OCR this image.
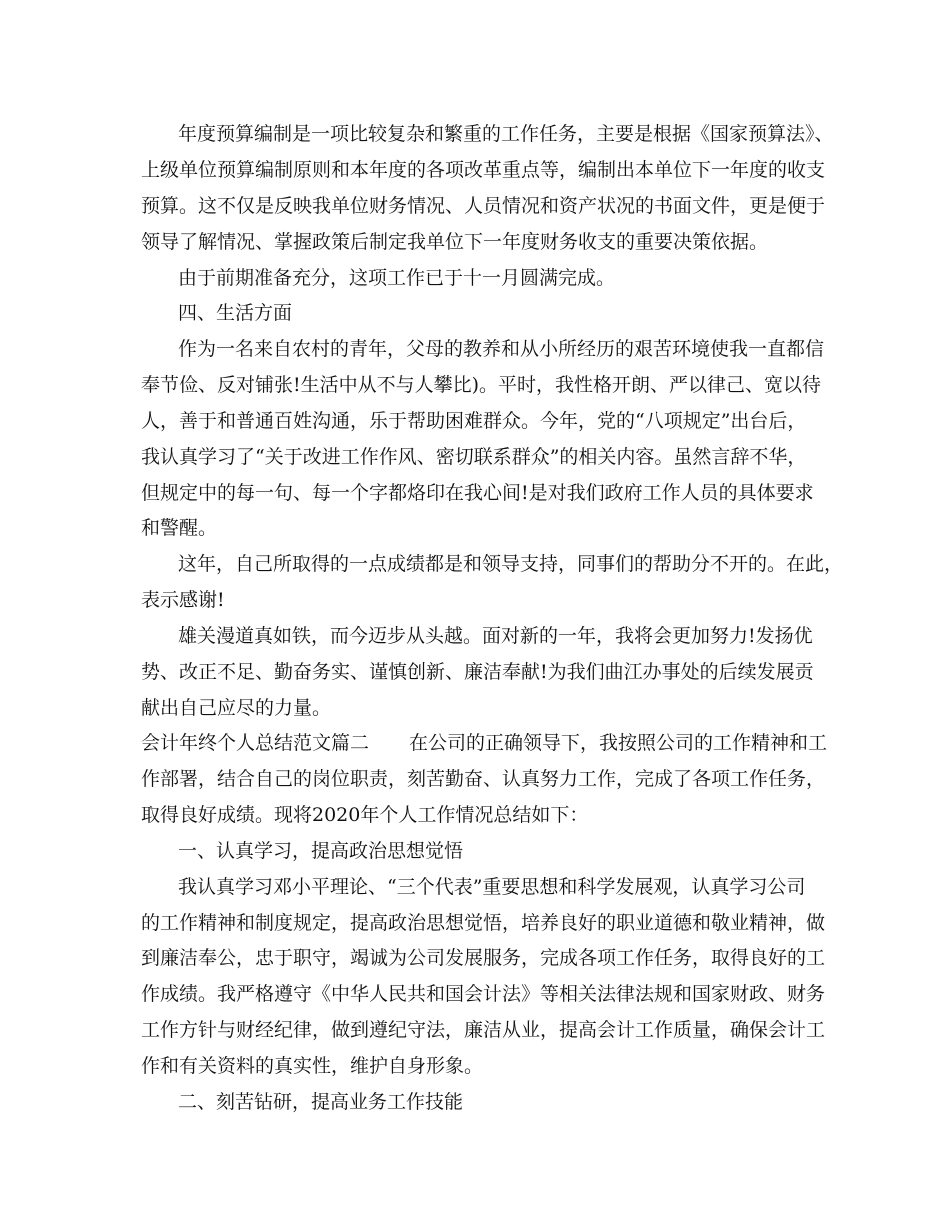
年度预算编制是一项比较复杂和繁重的工作任务，主要是根据《国家预算法》、
上级单位预算编制原则和本年度的各项改革重点等，编制出本单位下一年度的收支
预算。这不仅是反映我单位财务情况、人员情况和资产状况的书面文件，更是便于
领导了解情况、掌握政策后制定我单位下一年度财务收支的重要决策依据。
由于前期准备充分，这项工作已于十一月圆满完成。
四、生活方面
作为一名来自农村的青年，父母的教养和从小所经历的艰苦环境使我一直都信
奉节俭、反对铺张!生活中从不与人攀比)。平时，我性格开朗、严以律己、宽以待
人，善于和普通百姓沟通，乐于帮助困难群众。今年，党的“八项规定”出台后，
我认真学习了“关于改进工作作风、密切联系群众”的相关内容。虽然言辞不华，
但规定中的每一句、每一个字都烙印在我心间!是对我们政府工作人员的具体要求
和警醒。
这年，自己所取得的一点成绩都是和领导支持，同事们的帮助分不开的。在此，
表示感谢!
雄关漫道真如铁，而今迈步从头越。面对新的一年，我将会更加努力!发扬优
势、改正不足、勤奋务实、谨慎创新、廉洁奉献!为我们曲江办事处的后续发展贡
献出自己应尽的力量。
会计年终个人总结范文篇二 在公司的正确领导下，我按照公司的工作精神和工
作部署，结合自己的岗位职责，刻苦勤奋、认真努力工作，完成了各项工作任务，
取得良好成绩。现将2020年个人工作情况总结如下：
一、认真学习，提高政治思想觉悟
我认真学习邓小平理论、“三个代表”重要思想和科学发展观，认真学习公司
的工作精神和制度规定，提高政治思想觉悟，培养良好的职业道德和敬业精神，做
到廉洁奉公，忠于职守，竭诚为公司发展服务，完成各项工作任务，取得良好的工
作成绩。我严格遵守《中华人民共和国会计法》等相关法律法规和国家财政、财务
工作方针与财经纪律，做到遵纪守法，廉洁从业，提高会计工作质量，确保会计工
作和有关资料的真实性，维护自身形象。
二、刻苦钻研，提高业务工作技能
